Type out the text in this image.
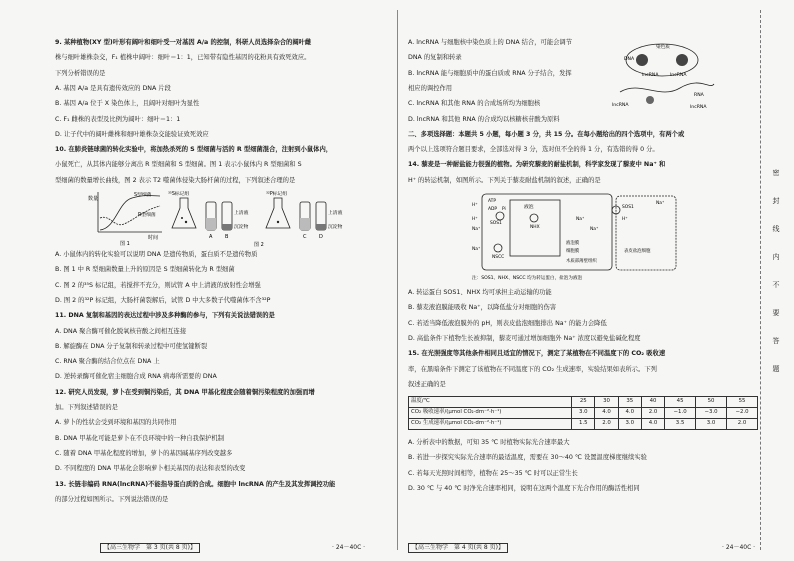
9. 某种植物(XY 型)叶形有阔叶和细叶受一对基因 A/a 的控制，科研人员选择杂合的阔叶雌
株与细叶雄株杂交，F₁ 植株中阔叶：细叶＝1：1，已知带有隐性基因的花粉具有致死效应。
下列分析错误的是
A. 基因 A/a 是具有遗传效应的 DNA 片段
B. 基因 A/a 位于 X 染色体上，且阔叶对细叶为显性
C. F₁ 雌株的表型及比例为阔叶：细叶＝1：1
D. 让子代中的阔叶雌株和细叶雄株杂交能验证致死效应
10. 在肺炎链球菌的转化实验中，将加热杀死的 S 型细菌与活的 R 型细菌混合，注射到小鼠体内，
小鼠死亡，从其体内能够分离出 R 型细菌和 S 型细菌。图 1 表示小鼠体内 R 型细菌和 S
型细菌的数量增长曲线，图 2 表示 T2 噬菌体侵染大肠杆菌的过程，下列叙述合理的是
数量
时间
S型细菌
R型细菌
图 1
³⁵S标记组
上清液
沉淀物
³²P标记组
上清液
沉淀物
A	B	C	D
图 2
A. 小鼠体内的转化实验可以说明 DNA 是遗传物质，蛋白质不是遗传物质
B. 图 1 中 R 型细菌数量上升的原因是 S 型细菌转化为 R 型细菌
C. 图 2 的³⁵S 标记组，若搅拌不充分，则试管 A 中上清液的放射性会增强
D. 图 2 的³²P 标记组，大肠杆菌裂解后，试管 D 中大多数子代噬菌体不含³²P
11. DNA 复制和基因的表达过程中涉及多种酶的参与，下列有关说法错误的是
A. DNA 聚合酶可催化脱氧核苷酸之间相互连接
B. 解旋酶在 DNA 分子复制和转录过程中可使氢键断裂
C. RNA 聚合酶的结合位点在 DNA 上
D. 逆转录酶可催化宿主细胞合成 RNA 病毒所需要的 DNA
12. 研究人员发现，萝卜在受到铜污染后，其 DNA 甲基化程度会随着铜污染程度的加强而增
加。下列叙述错误的是
A. 萝卜的性状会受到环境和基因的共同作用
B. DNA 甲基化可能是萝卜在不良环境中的一种自我保护机制
C. 随着 DNA 甲基化程度的增加，萝卜的基因碱基序列改变越多
D. 不同程度的 DNA 甲基化会影响萝卜相关基因的表达和表型的改变
13. 长链非编码 RNA(lncRNA)不能指导蛋白质的合成。细胞中 lncRNA 的产生及其发挥调控功能
的部分过程如图所示。下列说法错误的是
【高三生物学　第 3 页(共 8 页)】	· 24－40C ·
A. lncRNA 与细胞核中染色质上的 DNA 结合，可能会调节
DNA 的复制和转录
B. lncRNA 能与细胞质中的蛋白质或 RNA 分子结合，发挥
相应的调控作用
C. lncRNA 和其他 RNA 的合成场所均为细胞核
D. lncRNA 和其他 RNA 的合成均以核糖核苷酸为原料
二、多项选择题：本题共 5 小题，每小题 3 分，共 15 分。在每小题给出的四个选项中，有两个或
两个以上选项符合题目要求，全部选对得 3 分，选对但不全的得 1 分，有选错的得 0 分。
14. 藜麦是一种耐盐能力很强的植物。为研究藜麦的耐盐机制，科学家发现了藜麦中 Na⁺ 和
H⁺ 的转运机制，如图所示。下列关于藜麦耐盐机制的叙述，正确的是
染色质
DNA
lncRNA	lncRNA
RNA
lncRNA	lncRNA
H⁺
ATP
ADP Pi
SOS1
NHX
H⁺
Na⁺
液泡
NSCC
Na⁺
SOS1
Na⁺
H⁺
Na⁺
液泡膜
细胞膜
Na⁺
表皮盐泡细胞
木质部薄壁组织
注：SOS1、NHX、NSCC 均为转运蛋白，盐泡为液泡
A. 转运蛋白 SOS1、NHX 均可承担主动运输的功能
B. 藜麦液泡膜能吸收 Na⁺，以降低盐分对细胞的伤害
C. 若适当降低液泡膜外的 pH，则表皮盐泡细胞排出 Na⁺ 的能力会降低
D. 高盐条件下植物生长被抑制，藜麦可通过增加细胞外 Na⁺ 浓度以避免盐碱化程度
15. 在光照强度等其他条件相同且适宜的情况下，测定了某植物在不同温度下的 CO₂ 吸收速
率，在黑暗条件下测定了该植物在不同温度下的 CO₂ 生成速率，实验结果如表所示。下列
叙述正确的是
温度/℃	25	30	35	40	45	50	55
CO₂ 吸收速率/(μmol CO₂·dm⁻²·h⁻¹)	3.0	4.0	4.0	2.0	−1.0	−3.0	−2.0
CO₂ 生成速率/(μmol CO₂·dm⁻²·h⁻¹)	1.5	2.0	3.0	4.0	3.5	3.0	2.0
A. 分析表中的数据，可知 35 ℃ 时植物实际光合速率最大
B. 若进一步探究实际光合速率的最适温度，需要在 30～40 ℃ 设置温度梯度继续实验
C. 若每天光照时间相等，植物在 25～35 ℃ 时可以正常生长
D. 30 ℃ 与 40 ℃ 时净光合速率相同，说明在这两个温度下光合作用的酶活性相同
【高三生物学　第 4 页(共 8 页)】	· 24－40C ·
密
封
线
内
不
要
答
题
